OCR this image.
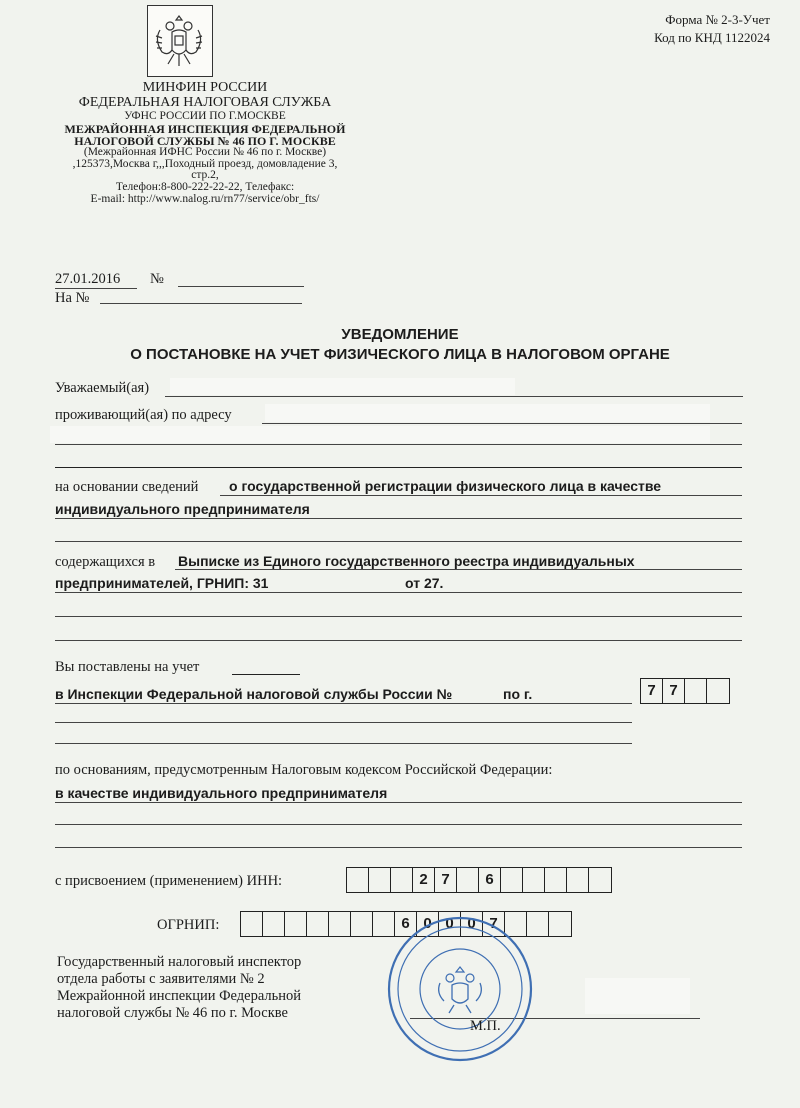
МИНФИН РОССИИ
ФЕДЕРАЛЬНАЯ НАЛОГОВАЯ СЛУЖБА
УФНС РОССИИ ПО Г.МОСКВЕ
МЕЖРАЙОННАЯ ИНСПЕКЦИЯ ФЕДЕРАЛЬНОЙ
НАЛОГОВОЙ СЛУЖБЫ № 46 ПО Г. МОСКВЕ
(Межрайонная ИФНС России № 46 по г. Москве)
,125373,Москва г,,,Походный проезд, домовладение 3,
стр.2,
Телефон:8-800-222-22-22, Телефакс:
E-mail: http://www.nalog.ru/rn77/service/obr_fts/
Форма № 2-3-Учет
Код по КНД 1122024
27.01.2016 №
На №
УВЕДОМЛЕНИЕ
О ПОСТАНОВКЕ НА УЧЕТ ФИЗИЧЕСКОГО ЛИЦА В НАЛОГОВОМ ОРГАНЕ
Уважаемый(ая)
проживающий(ая) по адресу
на основании сведений о государственной регистрации физического лица в качестве
индивидуального предпринимателя
содержащихся в Выписке из Единого государственного реестра индивидуальных
предпринимателей, ГРНИП: 31	от 27.
Вы поставлены на учет
в Инспекции Федеральной налоговой службы России №	по г.	7 7
по основаниям, предусмотренным Налоговым кодексом Российской Федерации:
в качестве индивидуального предпринимателя
с присвоением (применением) ИНН:	2 7	6
ОГРНИП:	6 0 0 0 7
Государственный налоговый инспектор
отдела работы с заявителями № 2
Межрайонной инспекции Федеральной
налоговой службы № 46 по г. Москве
М.П.
